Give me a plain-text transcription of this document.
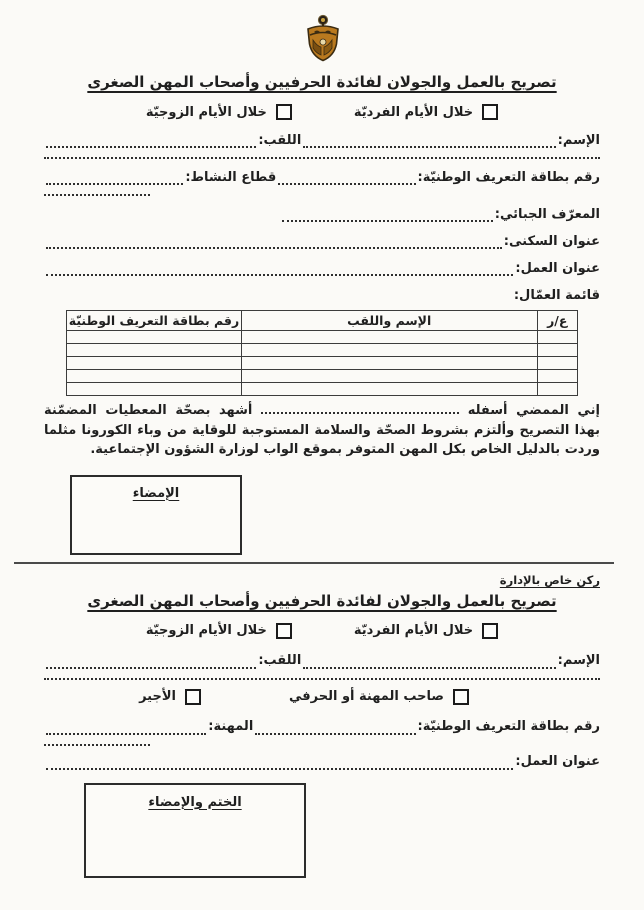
تصريح بالعمل والجولان لفائدة الحرفيين وأصحاب المهن الصغرى
خلال الأيام الفرديّة
خلال الأيام الزوجيّة
الإسم:
اللقب:
رقم بطاقة التعريف الوطنيّة:
قطاع النشاط:
المعرّف الجبائي:
عنوان السكنى:
عنوان العمل:
قائمة العمّال:
ع/ر	الإسم واللقب	رقم بطاقة التعريف الوطنيّة

إني الممضي أسفله  أشهد بصحّة المعطيات المضمّنة بهذا التصريح وألتزم بشروط الصحّة والسلامة المستوجبة للوقاية من وباء الكورونا مثلما وردت بالدليل الخاص بكل المهن المتوفر بموقع الواب لوزارة الشؤون الإجتماعية.

الإمضاء
ركن خاص بالإدارة
تصريح بالعمل والجولان لفائدة الحرفيين وأصحاب المهن الصغرى
خلال الأيام الفرديّة
خلال الأيام الزوجيّة
الإسم:
اللقب:
صاحب المهنة أو الحرفي
الأجير
رقم بطاقة التعريف الوطنيّة:
المهنة:
عنوان العمل:
الختم والإمضاء
